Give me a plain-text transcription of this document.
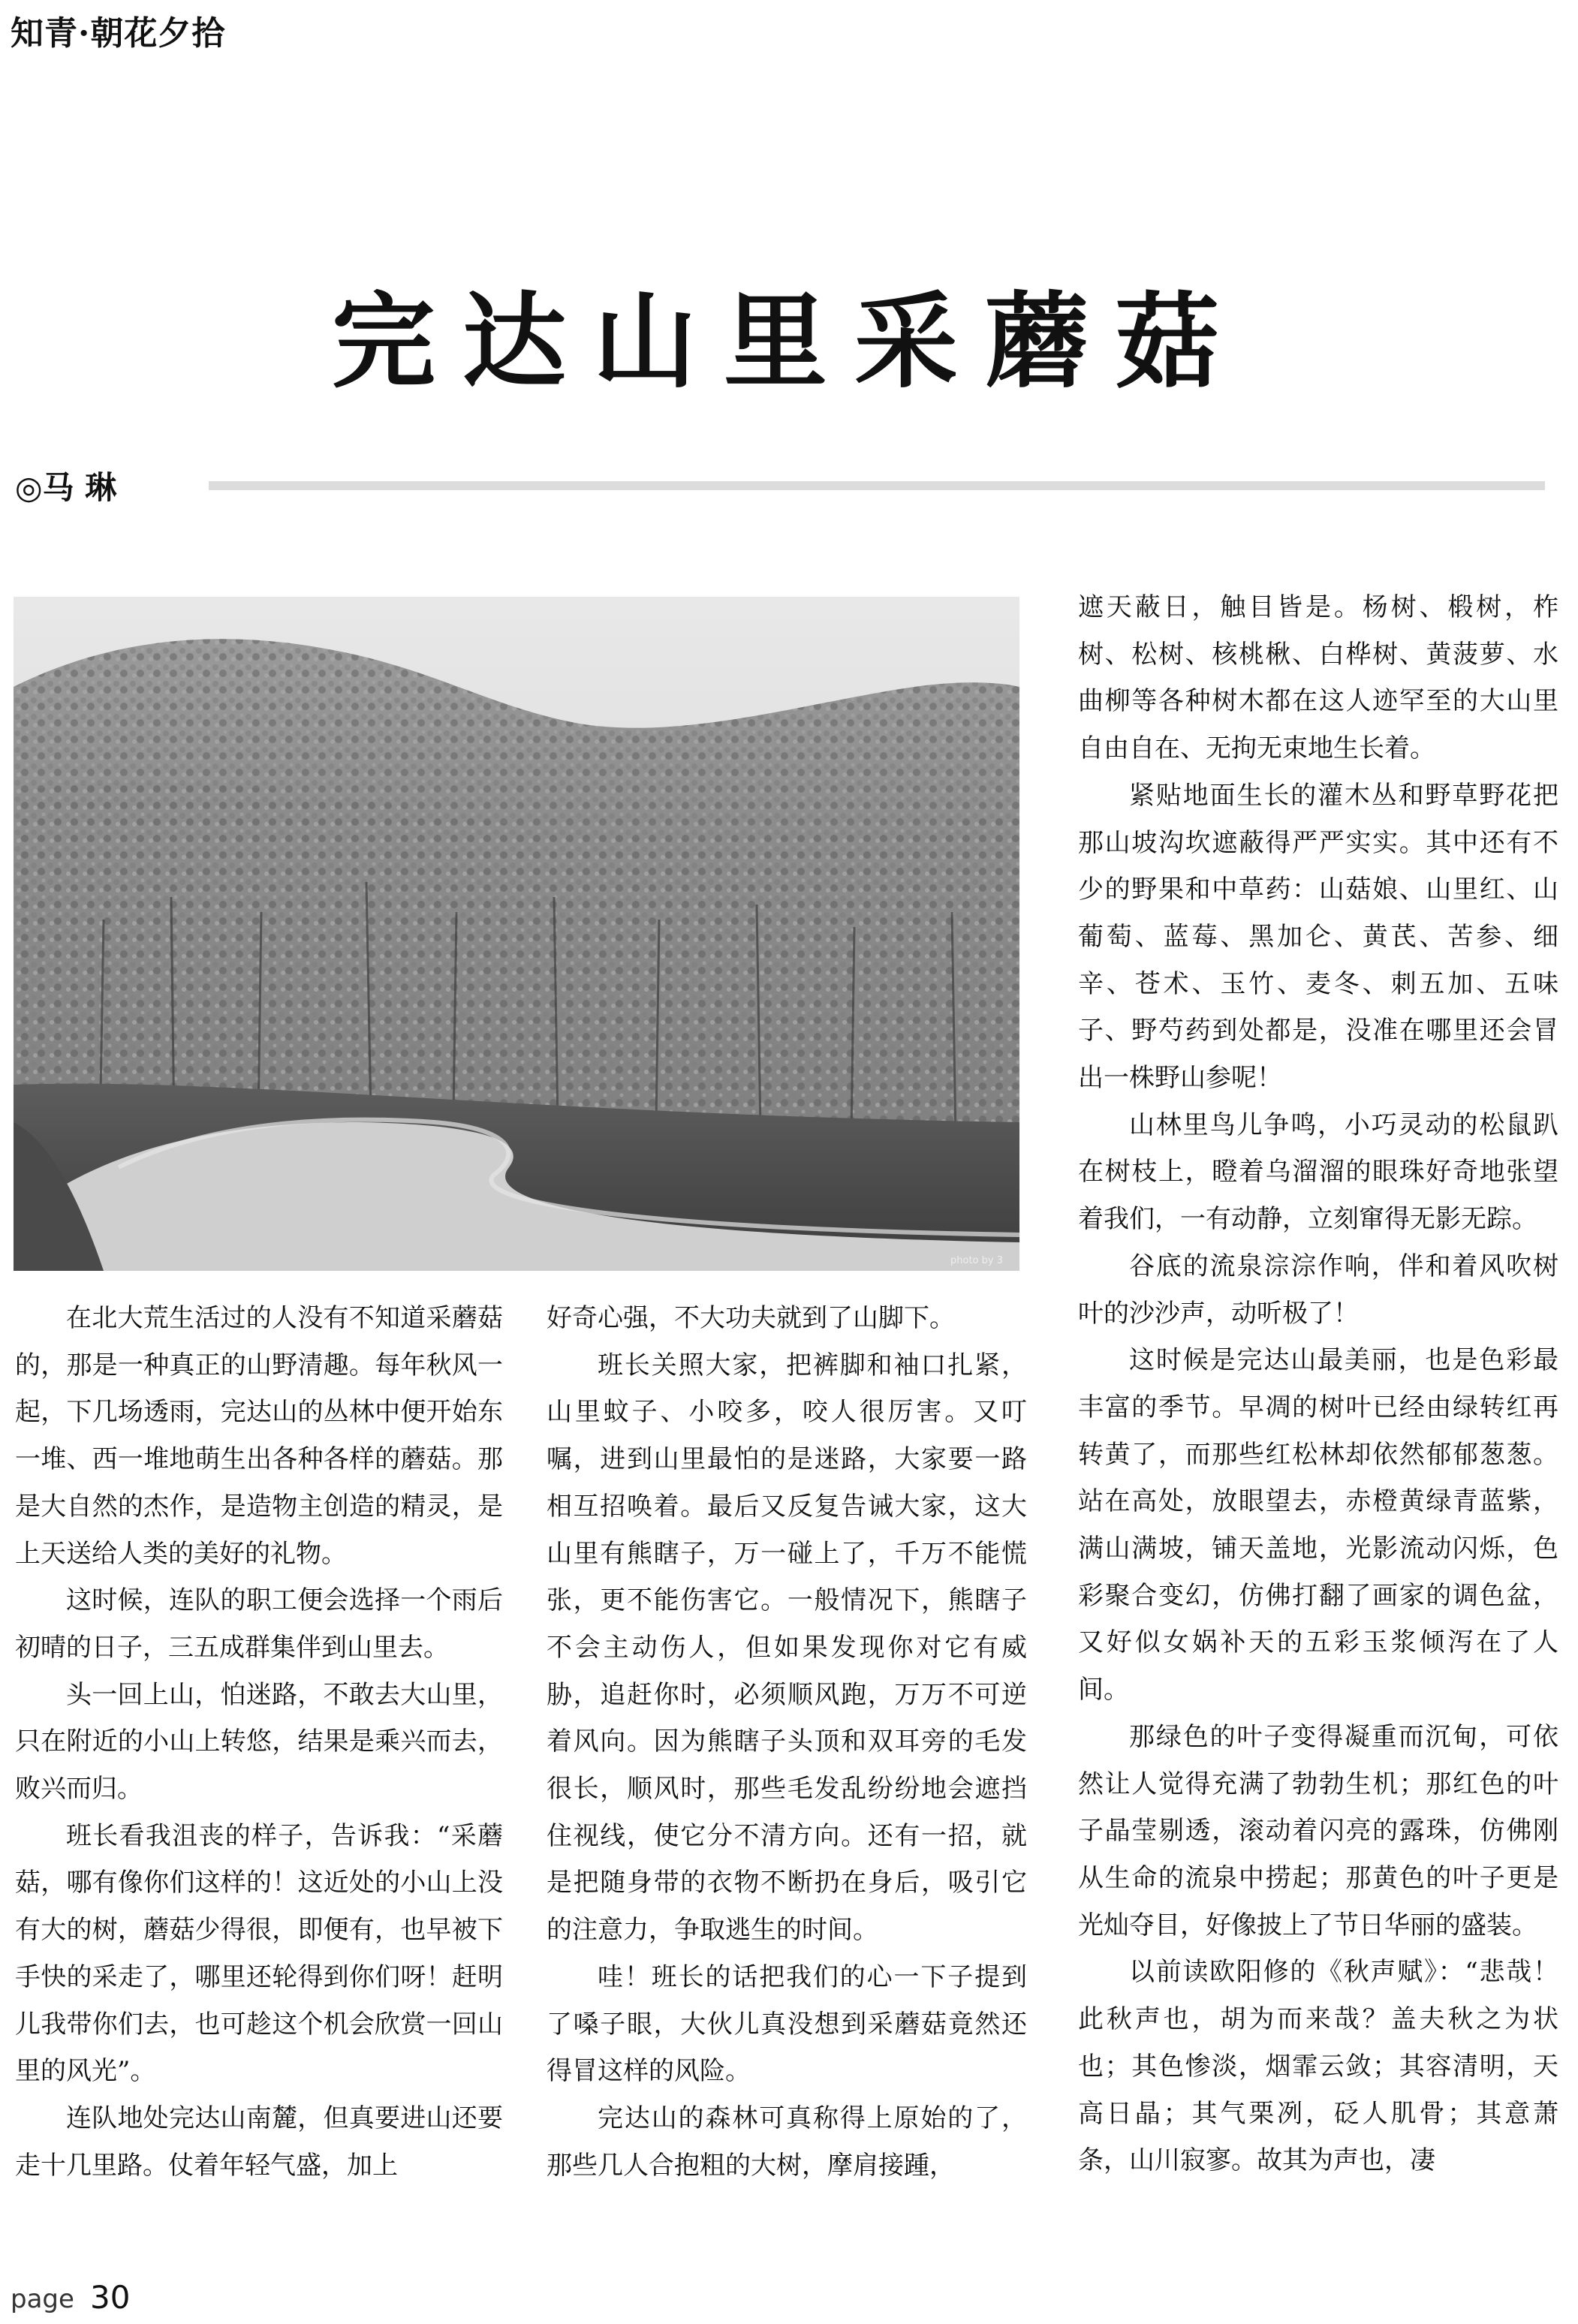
知青·朝花夕拾
完达山里采蘑菇
◎马 琳
photo by 3

在北大荒生活过的人没有不知道采蘑菇的，那是一种真正的山野清趣。每年秋风一起，下几场透雨，完达山的丛林中便开始东一堆、西一堆地萌生出各种各样的蘑菇。那是大自然的杰作，是造物主创造的精灵，是上天送给人类的美好的礼物。

这时候，连队的职工便会选择一个雨后初晴的日子，三五成群集伴到山里去。

头一回上山，怕迷路，不敢去大山里，只在附近的小山上转悠，结果是乘兴而去，败兴而归。

班长看我沮丧的样子，告诉我：“采蘑菇，哪有像你们这样的！这近处的小山上没有大的树，蘑菇少得很，即便有，也早被下手快的采走了，哪里还轮得到你们呀！赶明儿我带你们去，也可趁这个机会欣赏一回山里的风光”。

连队地处完达山南麓，但真要进山还要走十几里路。仗着年轻气盛，加上

好奇心强，不大功夫就到了山脚下。

班长关照大家，把裤脚和袖口扎紧，山里蚊子、小咬多，咬人很厉害。又叮嘱，进到山里最怕的是迷路，大家要一路相互招唤着。最后又反复告诫大家，这大山里有熊瞎子，万一碰上了，千万不能慌张，更不能伤害它。一般情况下，熊瞎子不会主动伤人，但如果发现你对它有威胁，追赶你时，必须顺风跑，万万不可逆着风向。因为熊瞎子头顶和双耳旁的毛发很长，顺风时，那些毛发乱纷纷地会遮挡住视线，使它分不清方向。还有一招，就是把随身带的衣物不断扔在身后，吸引它的注意力，争取逃生的时间。

哇！班长的话把我们的心一下子提到了嗓子眼，大伙儿真没想到采蘑菇竟然还得冒这样的风险。

完达山的森林可真称得上原始的了，那些几人合抱粗的大树，摩肩接踵，

遮天蔽日，触目皆是。杨树、椴树，柞树、松树、核桃楸、白桦树、黄菠萝、水曲柳等各种树木都在这人迹罕至的大山里自由自在、无拘无束地生长着。

紧贴地面生长的灌木丛和野草野花把那山坡沟坎遮蔽得严严实实。其中还有不少的野果和中草药：山菇娘、山里红、山葡萄、蓝莓、黑加仑、黄芪、苦参、细辛、苍术、玉竹、麦冬、刺五加、五味子、野芍药到处都是，没准在哪里还会冒出一株野山参呢！

山林里鸟儿争鸣，小巧灵动的松鼠趴在树枝上，瞪着乌溜溜的眼珠好奇地张望着我们，一有动静，立刻窜得无影无踪。

谷底的流泉淙淙作响，伴和着风吹树叶的沙沙声，动听极了！

这时候是完达山最美丽，也是色彩最丰富的季节。早凋的树叶已经由绿转红再转黄了，而那些红松林却依然郁郁葱葱。站在高处，放眼望去，赤橙黄绿青蓝紫，满山满坡，铺天盖地，光影流动闪烁，色彩聚合变幻，仿佛打翻了画家的调色盆，又好似女娲补天的五彩玉浆倾泻在了人间。

那绿色的叶子变得凝重而沉甸，可依然让人觉得充满了勃勃生机；那红色的叶子晶莹剔透，滚动着闪亮的露珠，仿佛刚从生命的流泉中捞起；那黄色的叶子更是光灿夺目，好像披上了节日华丽的盛装。

以前读欧阳修的《秋声赋》：“悲哉！此秋声也，胡为而来哉？盖夫秋之为状也；其色惨淡，烟霏云敛；其容清明，天高日晶；其气栗冽，砭人肌骨；其意萧条，山川寂寥。故其为声也，凄

page 30
